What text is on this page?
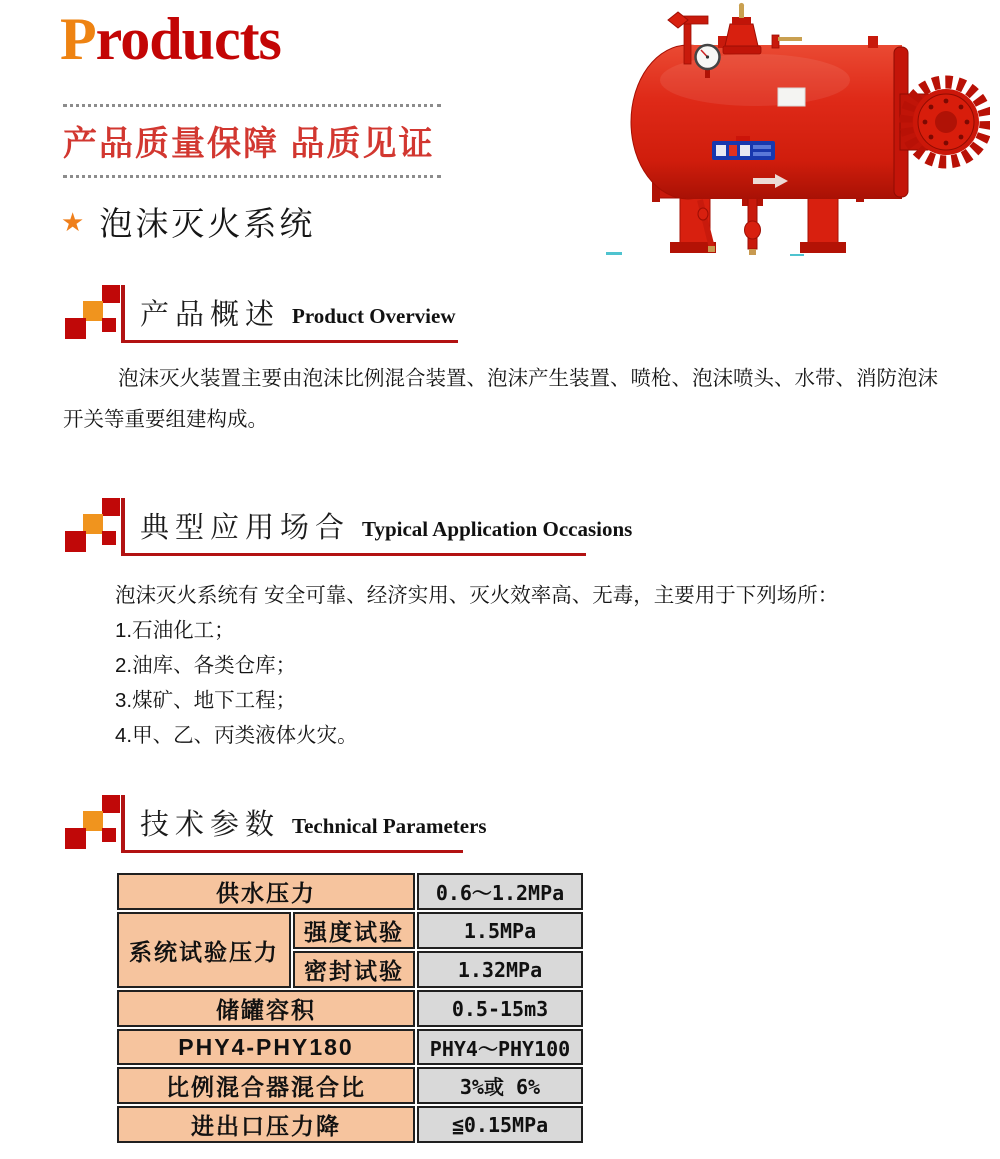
Products
产品质量保障 品质见证
★ 泡沫灭火系统
产品概述 Product Overview
泡沫灭火装置主要由泡沫比例混合装置、泡沫产生装置、喷枪、泡沫喷头、水带、消防泡沫开关等重要组建构成。
典型应用场合 Typical Application Occasions
泡沫灭火系统有 安全可靠、经济实用、灭火效率高、无毒，主要用于下列场所：
1.石油化工；
2.油库、各类仓库；
3.煤矿、地下工程；
4.甲、乙、丙类液体火灾。
技术参数 Technical Parameters
供水压力		0.6～1.2MPa
系统试验压力	强度试验	1.5MPa
	密封试验	1.32MPa
储罐容积		0.5-15m3
PHY4-PHY180		PHY4～PHY100
比例混合器混合比		3%或 6%
进出口压力降		≦0.15MPa
